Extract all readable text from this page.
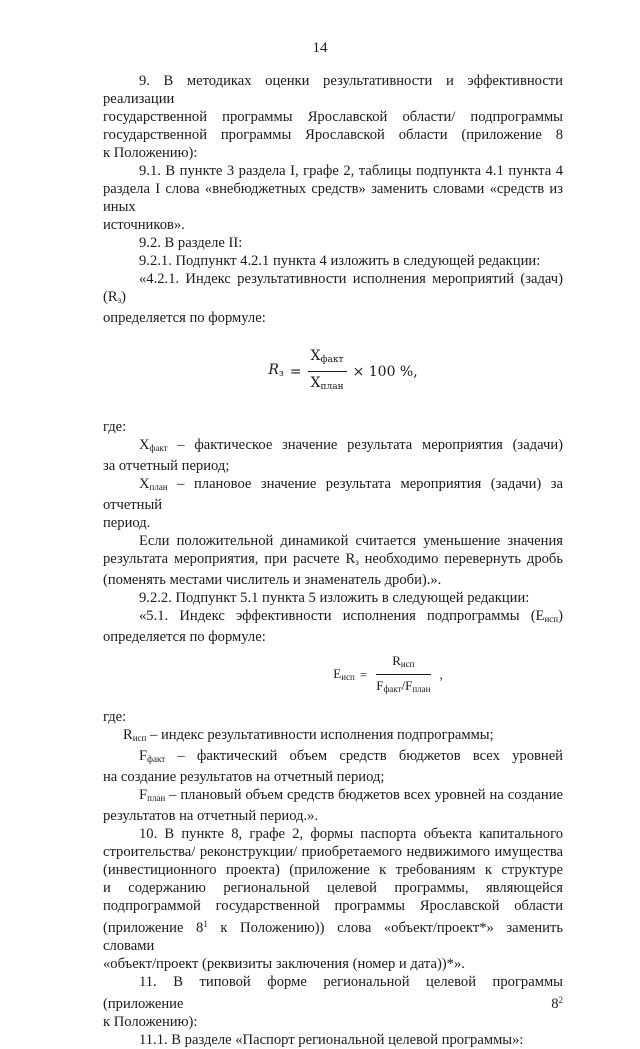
14

9. В методиках оценки результативности и эффективности реализации

государственной программы Ярославской области/ подпрограммы

государственной программы Ярославской области (приложение 8

к Положению):

9.1. В пункте 3 раздела I, графе 2, таблицы подпункта 4.1 пункта 4

раздела I слова «внебюджетных средств» заменить словами «средств из иных

источников».

9.2. В разделе II:

9.2.1. Подпункт 4.2.1 пункта 4 изложить в следующей редакции:

«4.2.1. Индекс результативности исполнения мероприятий (задач) $(R_з)$

определяется по формуле:

$R_з = \frac{X_{факт}}{X_{план}} \times 100$ %,

где:

$X_{факт}$ – фактическое значение результата мероприятия (задачи)

за отчетный период;

$X_{план}$ – плановое значение результата мероприятия (задачи) за отчетный

период.

Если положительной динамикой считается уменьшение значения

результата мероприятия, при расчете $R_з$ необходимо перевернуть дробь

(поменять местами числитель и знаменатель дроби).».

9.2.2. Подпункт 5.1 пункта 5 изложить в следующей редакции:

«5.1. Индекс эффективности исполнения подпрограммы $(E_{исп})$

определяется по формуле:

$E_{исп} = \frac{R_{исп}}{F_{факт}/F_{план}}$ ,

где:

$R_{исп}$ – индекс результативности исполнения подпрограммы;

$F_{факт}$ – фактический объем средств бюджетов всех уровней

на создание результатов на отчетный период;

$F_{план}$ – плановый объем средств бюджетов всех уровней на создание

результатов на отчетный период.».

10. В пункте 8, графе 2, формы паспорта объекта капитального

строительства/ реконструкции/ приобретаемого недвижимого имущества

(инвестиционного проекта) (приложение к требованиям к структуре

и содержанию региональной целевой программы, являющейся

подпрограммой государственной программы Ярославской области

(приложение $8^1$ к Положению)) слова «объект/проект*» заменить словами

«объект/проект (реквизиты заключения (номер и дата))*».

11. В типовой форме региональной целевой программы (приложение $8^2$

к Положению):

11.1. В разделе «Паспорт региональной целевой программы»:
